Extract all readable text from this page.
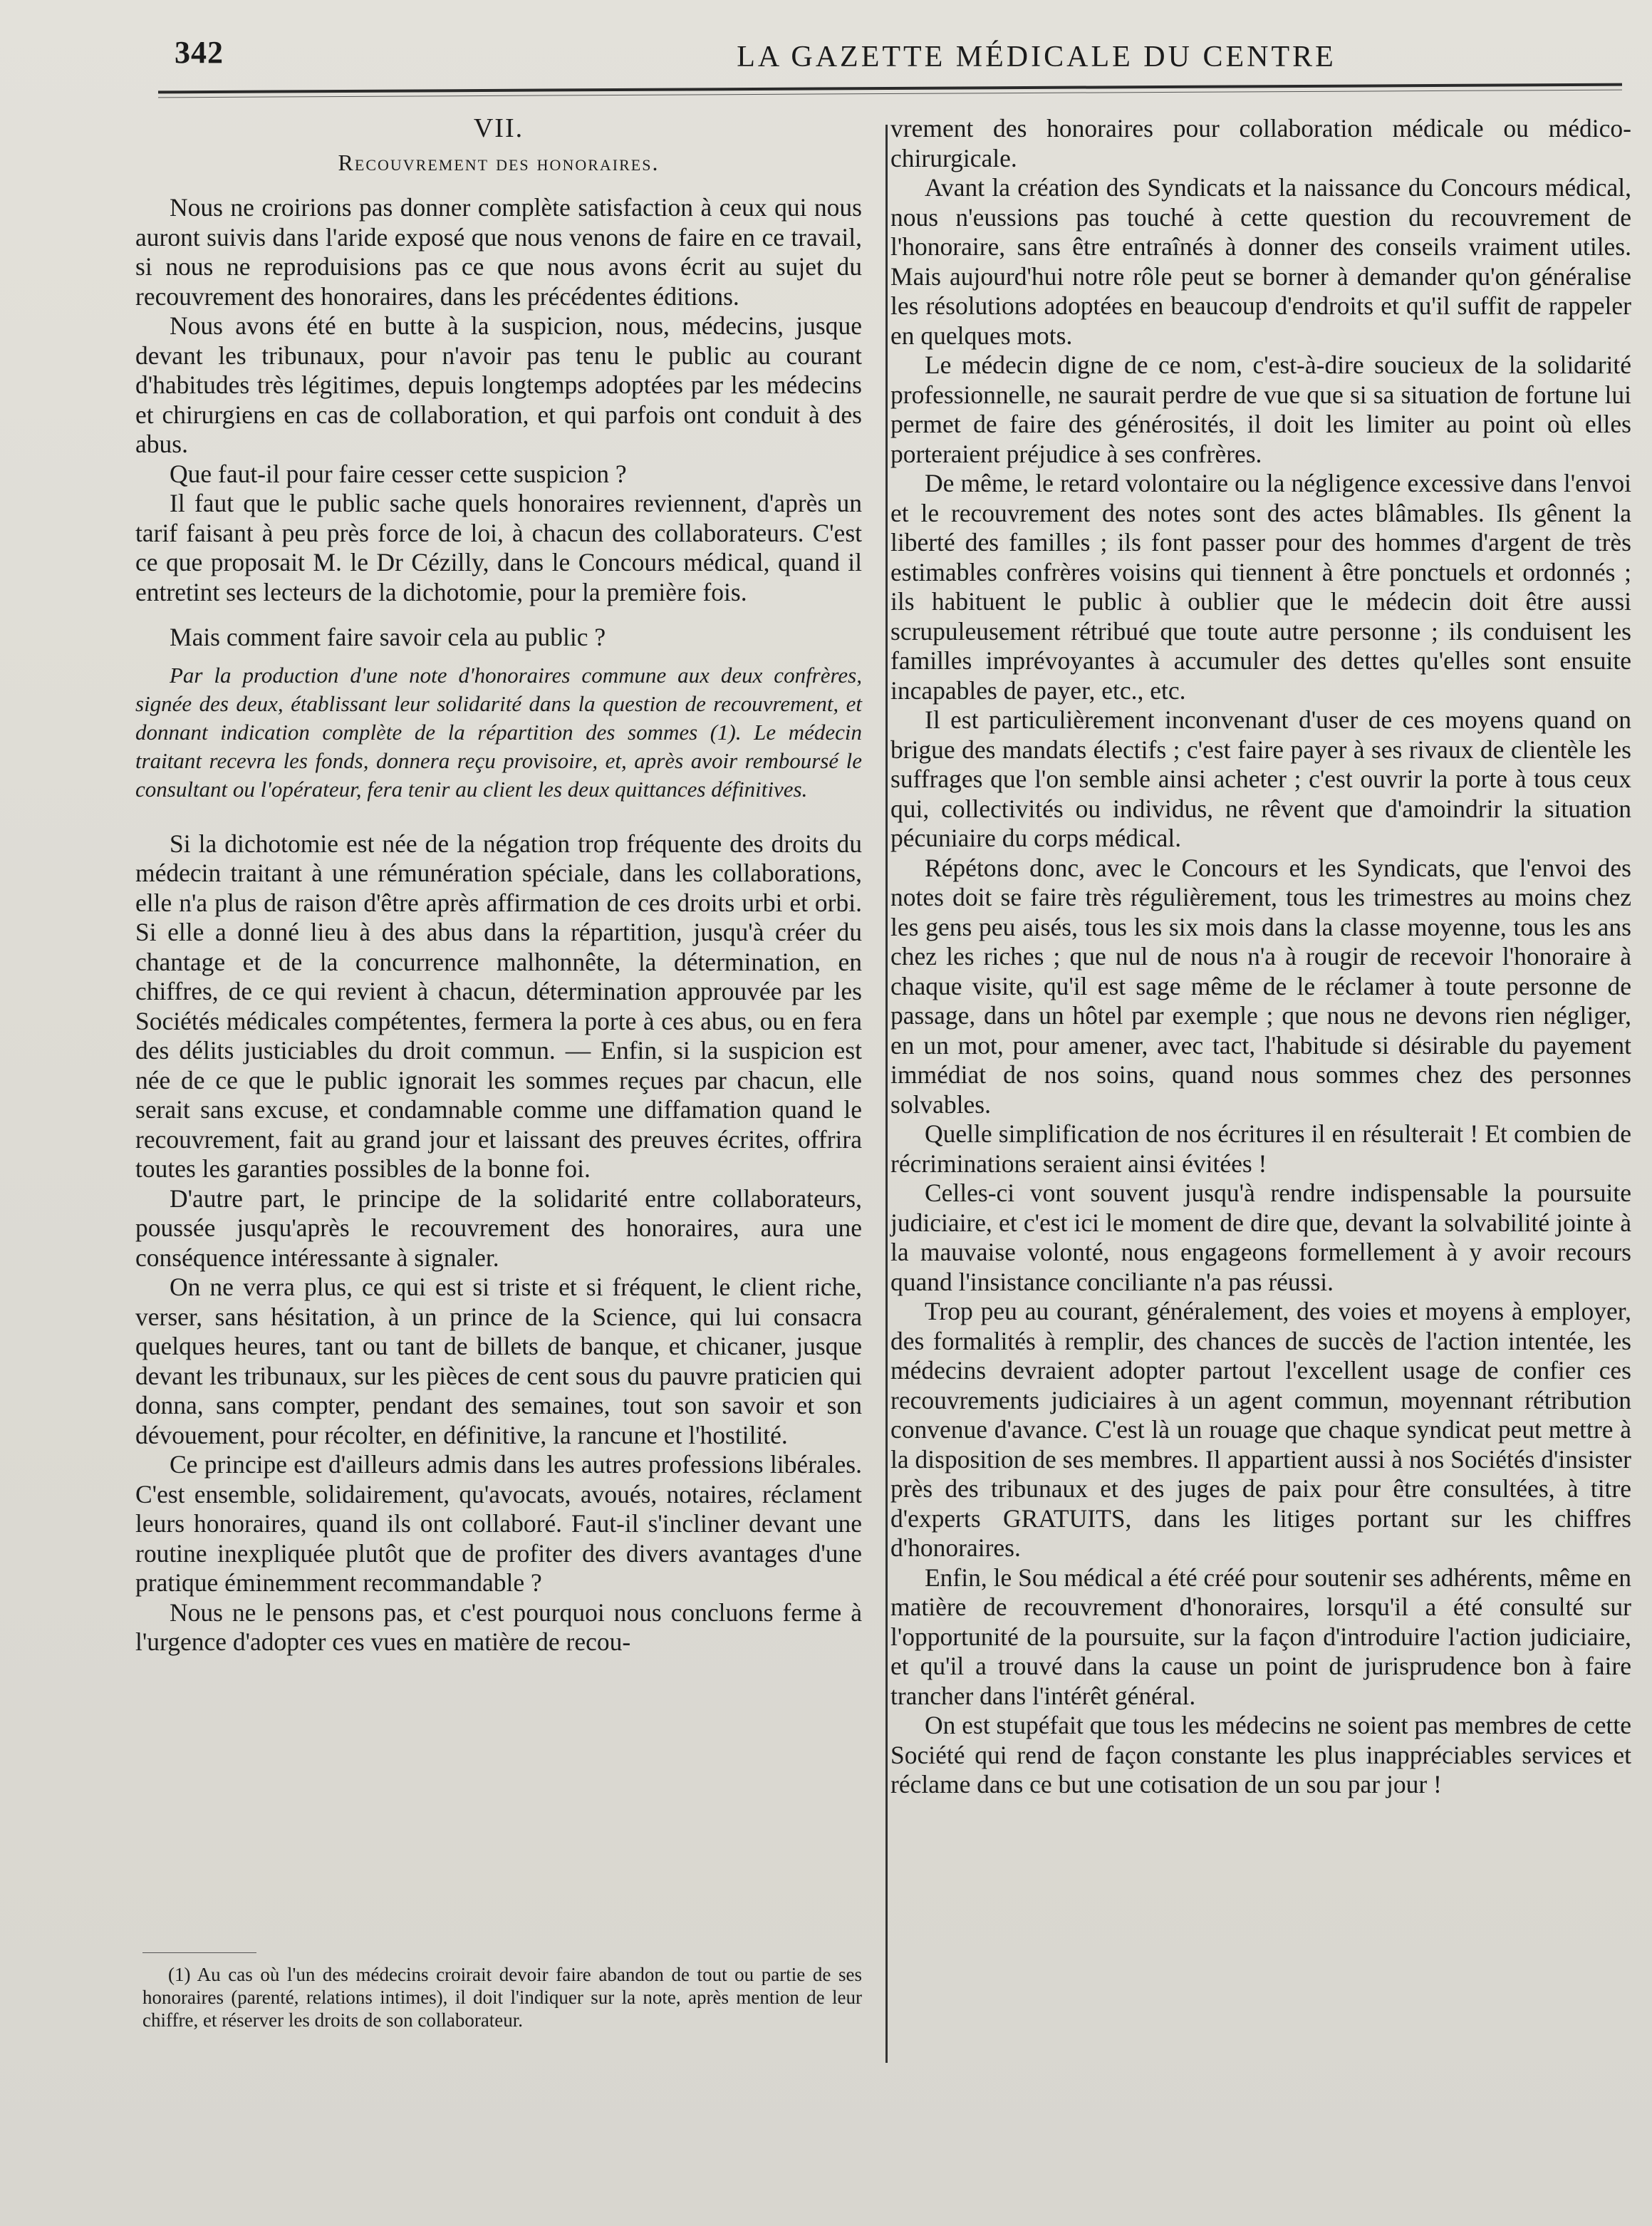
342	LA GAZETTE MÉDICALE DU CENTRE
VII.
Recouvrement des honoraires.

Nous ne croirions pas donner complète satisfaction à ceux qui nous auront suivis dans l'aride exposé que nous venons de faire en ce travail, si nous ne reproduisions pas ce que nous avons écrit au sujet du recouvrement des honoraires, dans les précédentes éditions.

Nous avons été en butte à la suspicion, nous, médecins, jusque devant les tribunaux, pour n'avoir pas tenu le public au courant d'habitudes très légitimes, depuis longtemps adoptées par les médecins et chirurgiens en cas de collaboration, et qui parfois ont conduit à des abus.

Que faut-il pour faire cesser cette suspicion ?

Il faut que le public sache quels honoraires reviennent, d'après un tarif faisant à peu près force de loi, à chacun des collaborateurs. C'est ce que proposait M. le Dr Cézilly, dans le Concours médical, quand il entretint ses lecteurs de la dichotomie, pour la première fois.

Mais comment faire savoir cela au public ?

Par la production d'une note d'honoraires commune aux deux confrères, signée des deux, établissant leur solidarité dans la question de recouvrement, et donnant indication complète de la répartition des sommes (1). Le médecin traitant recevra les fonds, donnera reçu provisoire, et, après avoir remboursé le consultant ou l'opérateur, fera tenir au client les deux quittances définitives.

Si la dichotomie est née de la négation trop fréquente des droits du médecin traitant à une rémunération spéciale, dans les collaborations, elle n'a plus de raison d'être après affirmation de ces droits urbi et orbi. Si elle a donné lieu à des abus dans la répartition, jusqu'à créer du chantage et de la concurrence malhonnête, la détermination, en chiffres, de ce qui revient à chacun, détermination approuvée par les Sociétés médicales compétentes, fermera la porte à ces abus, ou en fera des délits justiciables du droit commun. — Enfin, si la suspicion est née de ce que le public ignorait les sommes reçues par chacun, elle serait sans excuse, et condamnable comme une diffamation quand le recouvrement, fait au grand jour et laissant des preuves écrites, offrira toutes les garanties possibles de la bonne foi.

D'autre part, le principe de la solidarité entre collaborateurs, poussée jusqu'après le recouvrement des honoraires, aura une conséquence intéressante à signaler.

On ne verra plus, ce qui est si triste et si fréquent, le client riche, verser, sans hésitation, à un prince de la Science, qui lui consacra quelques heures, tant ou tant de billets de banque, et chicaner, jusque devant les tribunaux, sur les pièces de cent sous du pauvre praticien qui donna, sans compter, pendant des semaines, tout son savoir et son dévouement, pour récolter, en définitive, la rancune et l'hostilité.

Ce principe est d'ailleurs admis dans les autres professions libérales. C'est ensemble, solidairement, qu'avocats, avoués, notaires, réclament leurs honoraires, quand ils ont collaboré. Faut-il s'incliner devant une routine inexpliquée plutôt que de profiter des divers avantages d'une pratique éminemment recommandable ?

Nous ne le pensons pas, et c'est pourquoi nous concluons ferme à l'urgence d'adopter ces vues en matière de recou-

(1) Au cas où l'un des médecins croirait devoir faire abandon de tout ou partie de ses honoraires (parenté, relations intimes), il doit l'indiquer sur la note, après mention de leur chiffre, et réserver les droits de son collaborateur.

vrement des honoraires pour collaboration médicale ou médico-chirurgicale.

Avant la création des Syndicats et la naissance du Concours médical, nous n'eussions pas touché à cette question du recouvrement de l'honoraire, sans être entraînés à donner des conseils vraiment utiles. Mais aujourd'hui notre rôle peut se borner à demander qu'on généralise les résolutions adoptées en beaucoup d'endroits et qu'il suffit de rappeler en quelques mots.

Le médecin digne de ce nom, c'est-à-dire soucieux de la solidarité professionnelle, ne saurait perdre de vue que si sa situation de fortune lui permet de faire des générosités, il doit les limiter au point où elles porteraient préjudice à ses confrères.

De même, le retard volontaire ou la négligence excessive dans l'envoi et le recouvrement des notes sont des actes blâmables. Ils gênent la liberté des familles ; ils font passer pour des hommes d'argent de très estimables confrères voisins qui tiennent à être ponctuels et ordonnés ; ils habituent le public à oublier que le médecin doit être aussi scrupuleusement rétribué que toute autre personne ; ils conduisent les familles imprévoyantes à accumuler des dettes qu'elles sont ensuite incapables de payer, etc., etc.

Il est particulièrement inconvenant d'user de ces moyens quand on brigue des mandats électifs ; c'est faire payer à ses rivaux de clientèle les suffrages que l'on semble ainsi acheter ; c'est ouvrir la porte à tous ceux qui, collectivités ou individus, ne rêvent que d'amoindrir la situation pécuniaire du corps médical.

Répétons donc, avec le Concours et les Syndicats, que l'envoi des notes doit se faire très régulièrement, tous les trimestres au moins chez les gens peu aisés, tous les six mois dans la classe moyenne, tous les ans chez les riches ; que nul de nous n'a à rougir de recevoir l'honoraire à chaque visite, qu'il est sage même de le réclamer à toute personne de passage, dans un hôtel par exemple ; que nous ne devons rien négliger, en un mot, pour amener, avec tact, l'habitude si désirable du payement immédiat de nos soins, quand nous sommes chez des personnes solvables.

Quelle simplification de nos écritures il en résulterait ! Et combien de récriminations seraient ainsi évitées !

Celles-ci vont souvent jusqu'à rendre indispensable la poursuite judiciaire, et c'est ici le moment de dire que, devant la solvabilité jointe à la mauvaise volonté, nous engageons formellement à y avoir recours quand l'insistance conciliante n'a pas réussi.

Trop peu au courant, généralement, des voies et moyens à employer, des formalités à remplir, des chances de succès de l'action intentée, les médecins devraient adopter partout l'excellent usage de confier ces recouvrements judiciaires à un agent commun, moyennant rétribution convenue d'avance. C'est là un rouage que chaque syndicat peut mettre à la disposition de ses membres. Il appartient aussi à nos Sociétés d'insister près des tribunaux et des juges de paix pour être consultées, à titre d'experts GRATUITS, dans les litiges portant sur les chiffres d'honoraires.

Enfin, le Sou médical a été créé pour soutenir ses adhérents, même en matière de recouvrement d'honoraires, lorsqu'il a été consulté sur l'opportunité de la poursuite, sur la façon d'introduire l'action judiciaire, et qu'il a trouvé dans la cause un point de jurisprudence bon à faire trancher dans l'intérêt général.

On est stupéfait que tous les médecins ne soient pas membres de cette Société qui rend de façon constante les plus inappréciables services et réclame dans ce but une cotisation de un sou par jour !
